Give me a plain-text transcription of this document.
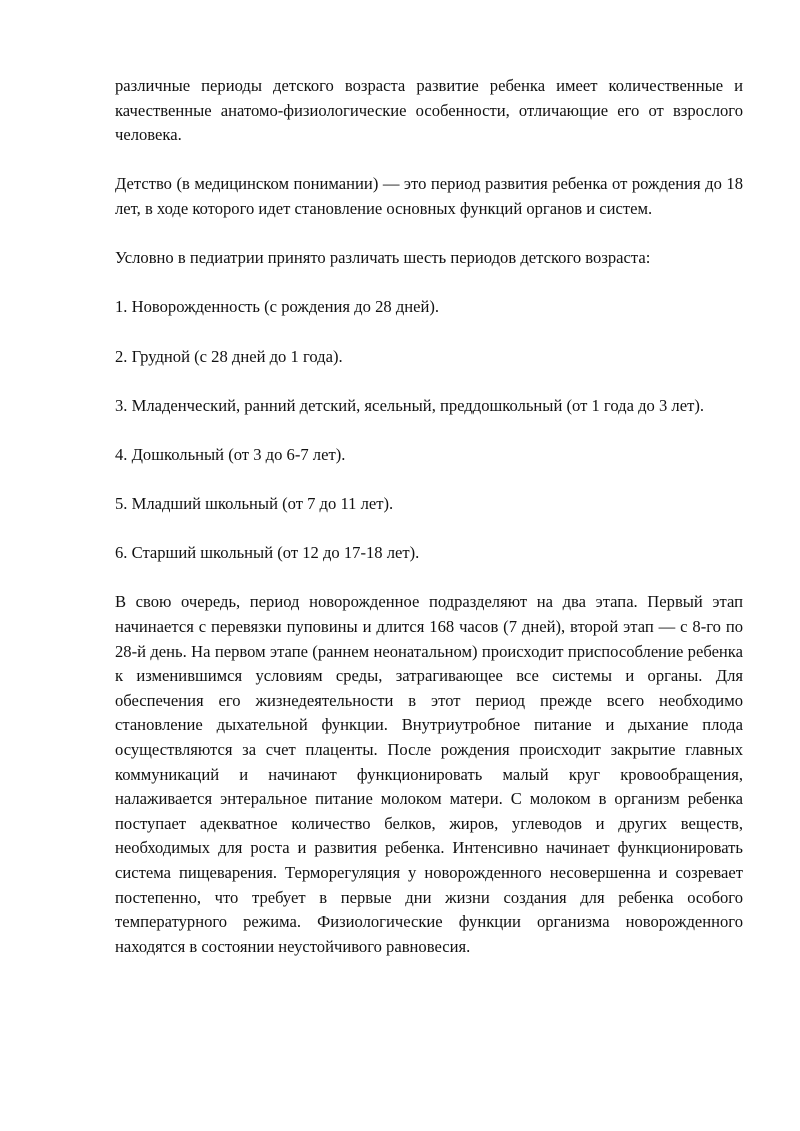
различные периоды детского возраста развитие ребенка имеет количественные и качественные анатомо-физиологические особенности, отличающие его от взрослого человека.

Детство (в медицинском понимании) — это период развития ребенка от рождения до 18 лет, в ходе которого идет становление основных функций органов и систем.

Условно в педиатрии принято различать шесть периодов детского возраста:

1. Новорожденность (с рождения до 28 дней).

2. Грудной (с 28 дней до 1 года).

3. Младенческий, ранний детский, ясельный, преддошкольный (от 1 года до 3 лет).

4. Дошкольный (от 3 до 6-7 лет).

5. Младший школьный (от 7 до 11 лет).

6. Старший школьный (от 12 до 17-18 лет).

В свою очередь, период новорожденное подразделяют на два этапа. Первый этап начинается с перевязки пуповины и длится 168 часов (7 дней), второй этап — с 8-го по 28-й день. На первом этапе (раннем неонатальном) происходит приспособление ребенка к изменившимся условиям среды, затрагивающее все системы и органы. Для обеспечения его жизнедеятельности в этот период прежде всего необходимо становление дыхательной функции. Внутриутробное питание и дыхание плода осуществляются за счет плаценты. После рождения происходит закрытие главных коммуникаций и начинают функционировать малый круг кровообращения, налаживается энтеральное питание молоком матери. С молоком в организм ребенка поступает адекватное количество белков, жиров, углеводов и других веществ, необходимых для роста и развития ребенка. Интенсивно начинает функционировать система пищеварения. Терморегуляция у новорожденного несовершенна и созревает постепенно, что требует в первые дни жизни создания для ребенка особого температурного режима. Физиологические функции организма новорожденного находятся в состоянии неустойчивого равновесия.
